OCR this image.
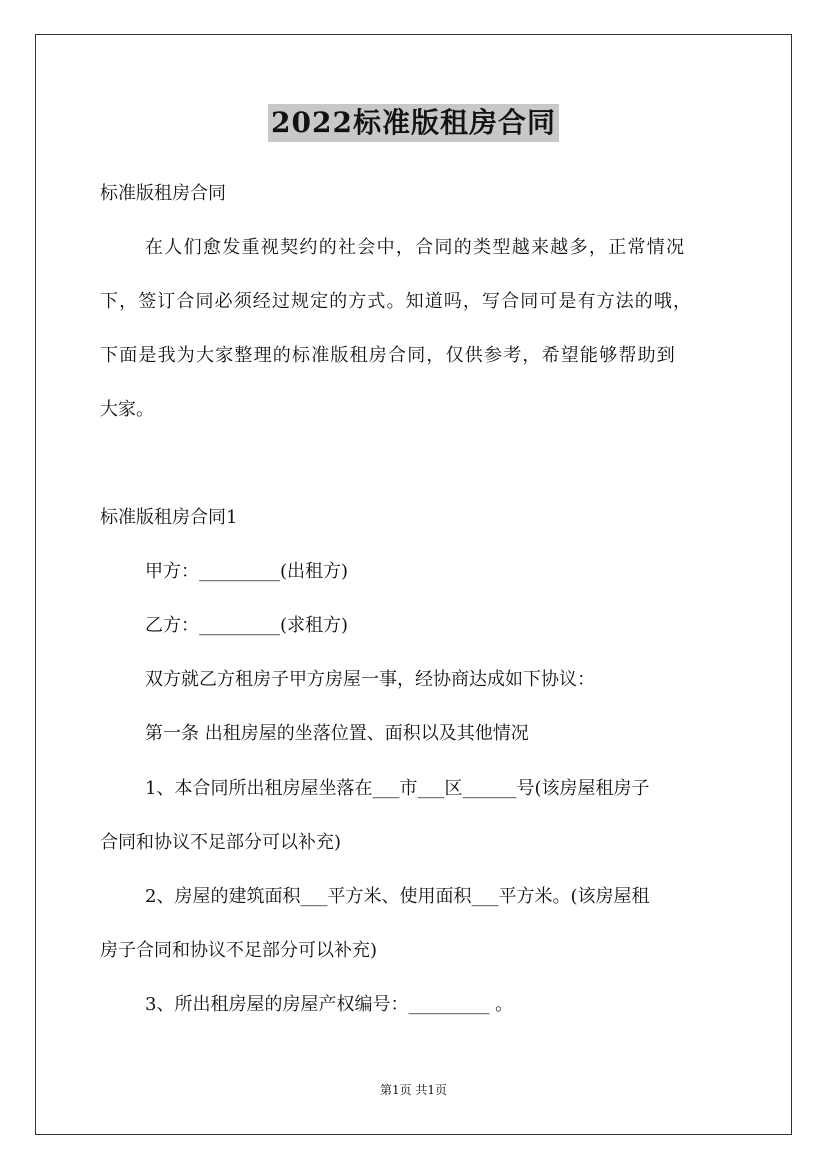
2022标准版租房合同
标准版租房合同
在人们愈发重视契约的社会中，合同的类型越来越多，正常情况
下，签订合同必须经过规定的方式。知道吗，写合同可是有方法的哦，
下面是我为大家整理的标准版租房合同，仅供参考，希望能够帮助到
大家。
标准版租房合同1
甲方：_________(出租方)
乙方：_________(求租方)
双方就乙方租房子甲方房屋一事，经协商达成如下协议：
第一条 出租房屋的坐落位置、面积以及其他情况
1、本合同所出租房屋坐落在___市___区______号(该房屋租房子
合同和协议不足部分可以补充)
2、房屋的建筑面积___平方米、使用面积___平方米。(该房屋租
房子合同和协议不足部分可以补充)
3、所出租房屋的房屋产权编号：_________ 。
第1页 共1页
